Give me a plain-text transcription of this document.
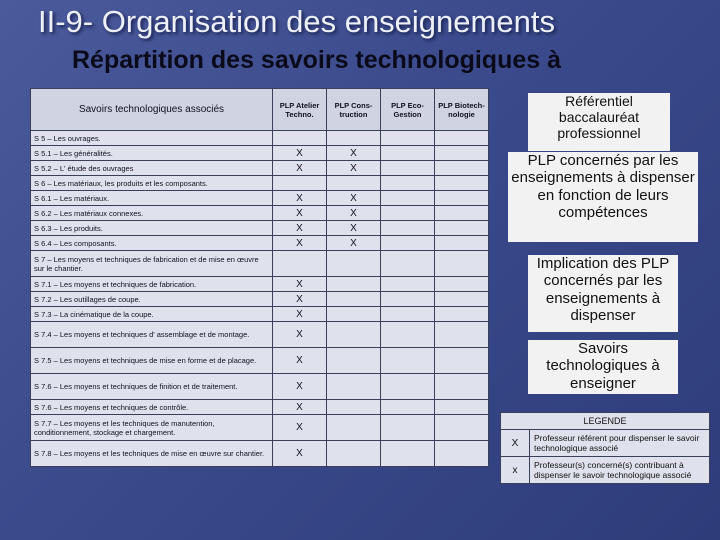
II-9- Organisation des enseignements
Répartition des savoirs technologiques à
Savoirs technologiques associés	PLP Atelier Techno.	PLP Cons-truction	PLP Eco-Gestion	PLP Biotech-nologie
S 5 – Les ouvrages.				
S 5.1 – Les généralités.	X	X		
S 5.2 – L' étude des ouvrages	X	X		
S 6 – Les matériaux, les produits et les composants.				
S 6.1 – Les matériaux.	X	X		
S 6.2 – Les matériaux connexes.	X	X		
S 6.3 – Les produits.	X	X		
S 6.4 – Les composants.	X	X		
S 7 – Les moyens et techniques de fabrication et de mise en œuvre sur le chantier.				
S 7.1 – Les moyens et techniques de fabrication.	X			
S 7.2 – Les outillages de coupe.	X			
S 7.3 – La cinématique de la coupe.	X			
S 7.4 – Les moyens et techniques d' assemblage et de montage.	X			
S 7.5 – Les moyens et techniques de mise en forme et de placage.	X			
S 7.6 – Les moyens et techniques de finition et de traitement.	X			
S 7.6 – Les moyens et techniques de contrôle.	X			
S 7.7 – Les moyens et les techniques de manutention, conditionnement, stockage et chargement.	X			
S 7.8 – Les moyens et les techniques de mise en œuvre sur chantier.	X			
Référentiel baccalauréat professionnel
PLP concernés par les enseignements à dispenser en fonction de leurs compétences
Implication des PLP concernés par les enseignements à dispenser
Savoirs technologiques à enseigner
LEGENDE	
X	Professeur référent pour dispenser le savoir technologique associé
x	Professeur(s) concerné(s) contribuant à dispenser le savoir technologique associé
